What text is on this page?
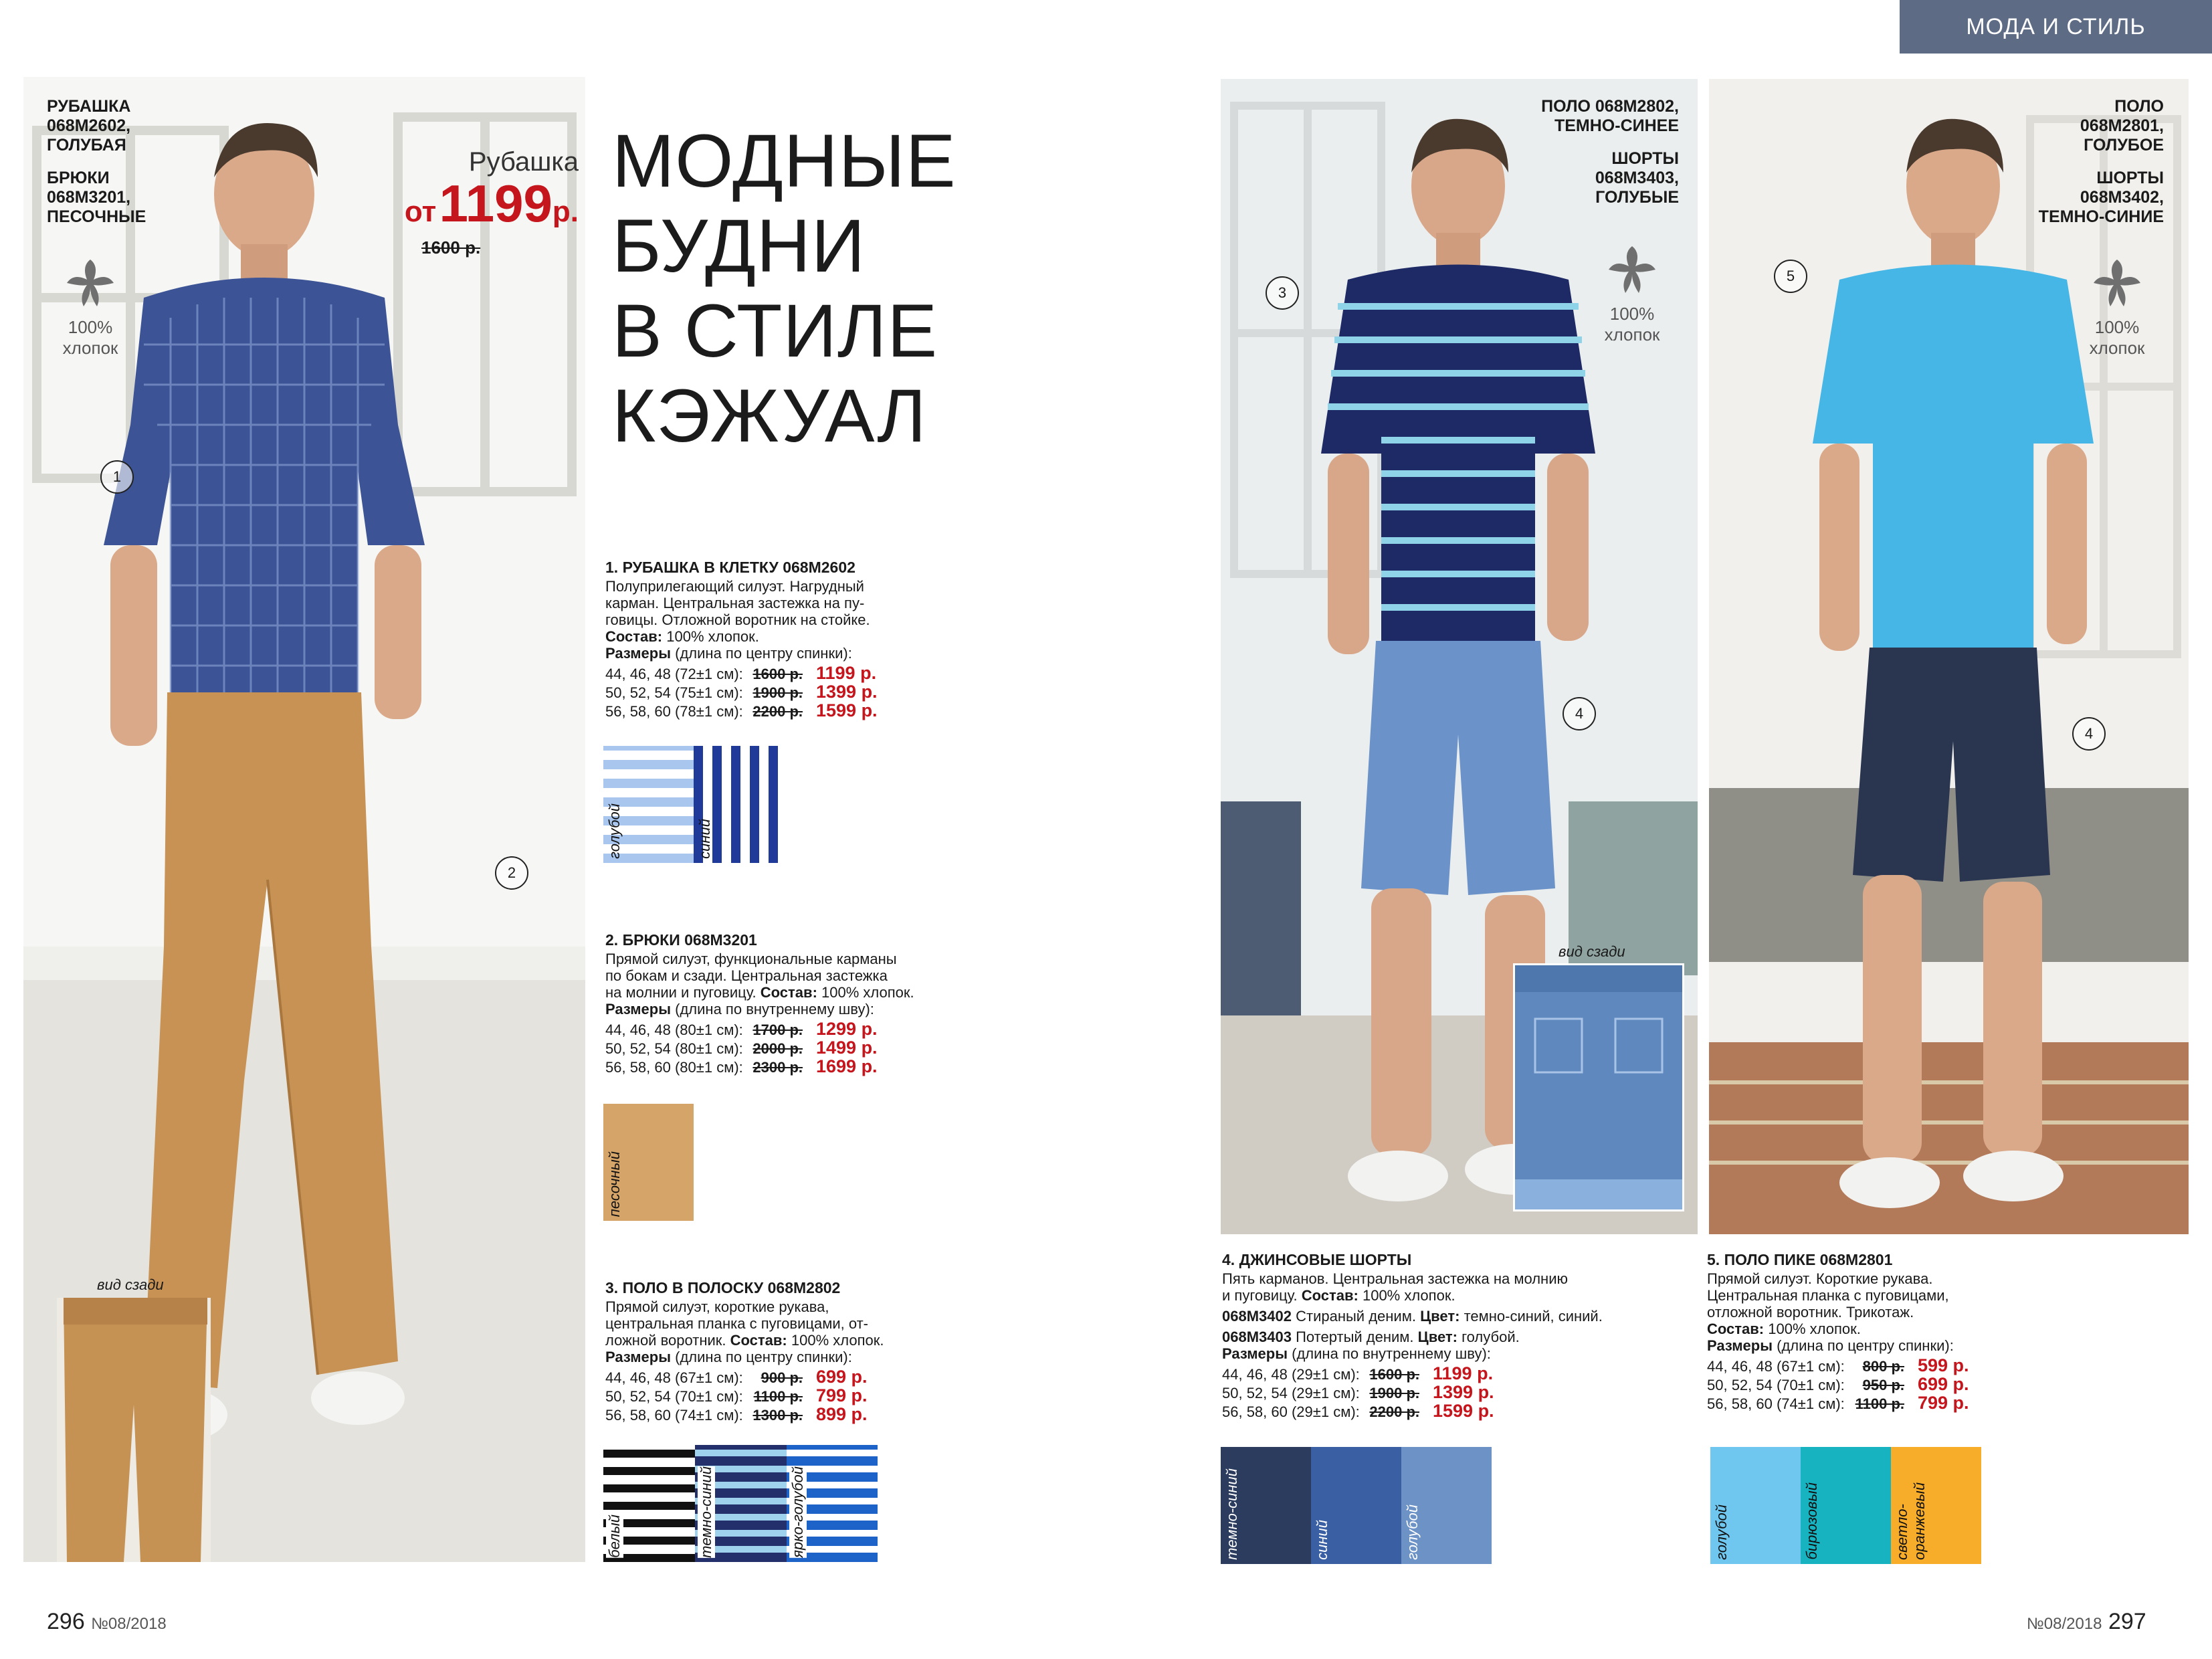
МОДА И СТИЛЬ
вид сзади
РУБАШКА
068М2602,
ГОЛУБАЯ
БРЮКИ
068М3201,
ПЕСОЧНЫЕ
100% хлопок
Рубашка
от 1199р.
1600 р.
1
2
МОДНЫЕ
БУДНИ
В СТИЛЕ
КЭЖУАЛ
1. РУБАШКА В КЛЕТКУ 068М2602

Полуприлегающий силуэт. Нагрудный

карман. Центральная застежка на пу-

говицы. Отложной воротник на стойке.

Состав: 100% хлопок.

Размеры (длина по центру спинки):

44, 46, 48 (72±1 см): 1600 р. 1199 р.
50, 52, 54 (75±1 см): 1900 р. 1399 р.
56, 58, 60 (78±1 см): 2200 р. 1599 р.
голубой	синий
2. БРЮКИ 068М3201

Прямой силуэт, функциональные карманы

по бокам и сзади. Центральная застежка

на молнии и пуговицу. Состав: 100% хлопок.

Размеры (длина по внутреннему шву):

44, 46, 48 (80±1 см): 1700 р. 1299 р.
50, 52, 54 (80±1 см): 2000 р. 1499 р.
56, 58, 60 (80±1 см): 2300 р. 1699 р.
песочный
3. ПОЛО В ПОЛОСКУ 068М2802

Прямой силуэт, короткие рукава,

центральная планка с пуговицами, от-

ложной воротник. Состав: 100% хлопок.

Размеры (длина по центру спинки):

44, 46, 48 (67±1 см):	900 р. 699 р.
50, 52, 54 (70±1 см): 1100 р. 799 р.
56, 58, 60 (74±1 см): 1300 р. 899 р.
белый	темно-синий	ярко-голубой
вид сзади
ПОЛО 068М2802,
ТЕМНО-СИНЕЕ
ШОРТЫ
068М3403,
ГОЛУБЫЕ
100% хлопок
ПОЛО
068М2801,
ГОЛУБОЕ
ШОРТЫ
068М3402,
ТЕМНО-СИНИЕ
100% хлопок
3
4
5
4
4. ДЖИНСОВЫЕ ШОРТЫ

Пять карманов. Центральная застежка на молнию

и пуговицу. Состав: 100% хлопок.

068М3402 Стираный деним. Цвет: темно-синий, синий.

068М3403 Потертый деним. Цвет: голубой.

Размеры (длина по внутреннему шву):

44, 46, 48 (29±1 см): 1600 р. 1199 р.
50, 52, 54 (29±1 см): 1900 р. 1399 р.
56, 58, 60 (29±1 см): 2200 р. 1599 р.
темно-синий	синий	голубой
5. ПОЛО ПИКЕ 068М2801

Прямой силуэт. Короткие рукава.

Центральная планка с пуговицами,

отложной воротник. Трикотаж.

Состав: 100% хлопок.

Размеры (длина по центру спинки):

44, 46, 48 (67±1 см):	800 р. 599 р.
50, 52, 54 (70±1 см):	950 р. 699 р.
56, 58, 60 (74±1 см): 1100 р. 799 р.
голубой	бирюзовый	светло-оранжевый
296 №08/2018	№08/2018 297
